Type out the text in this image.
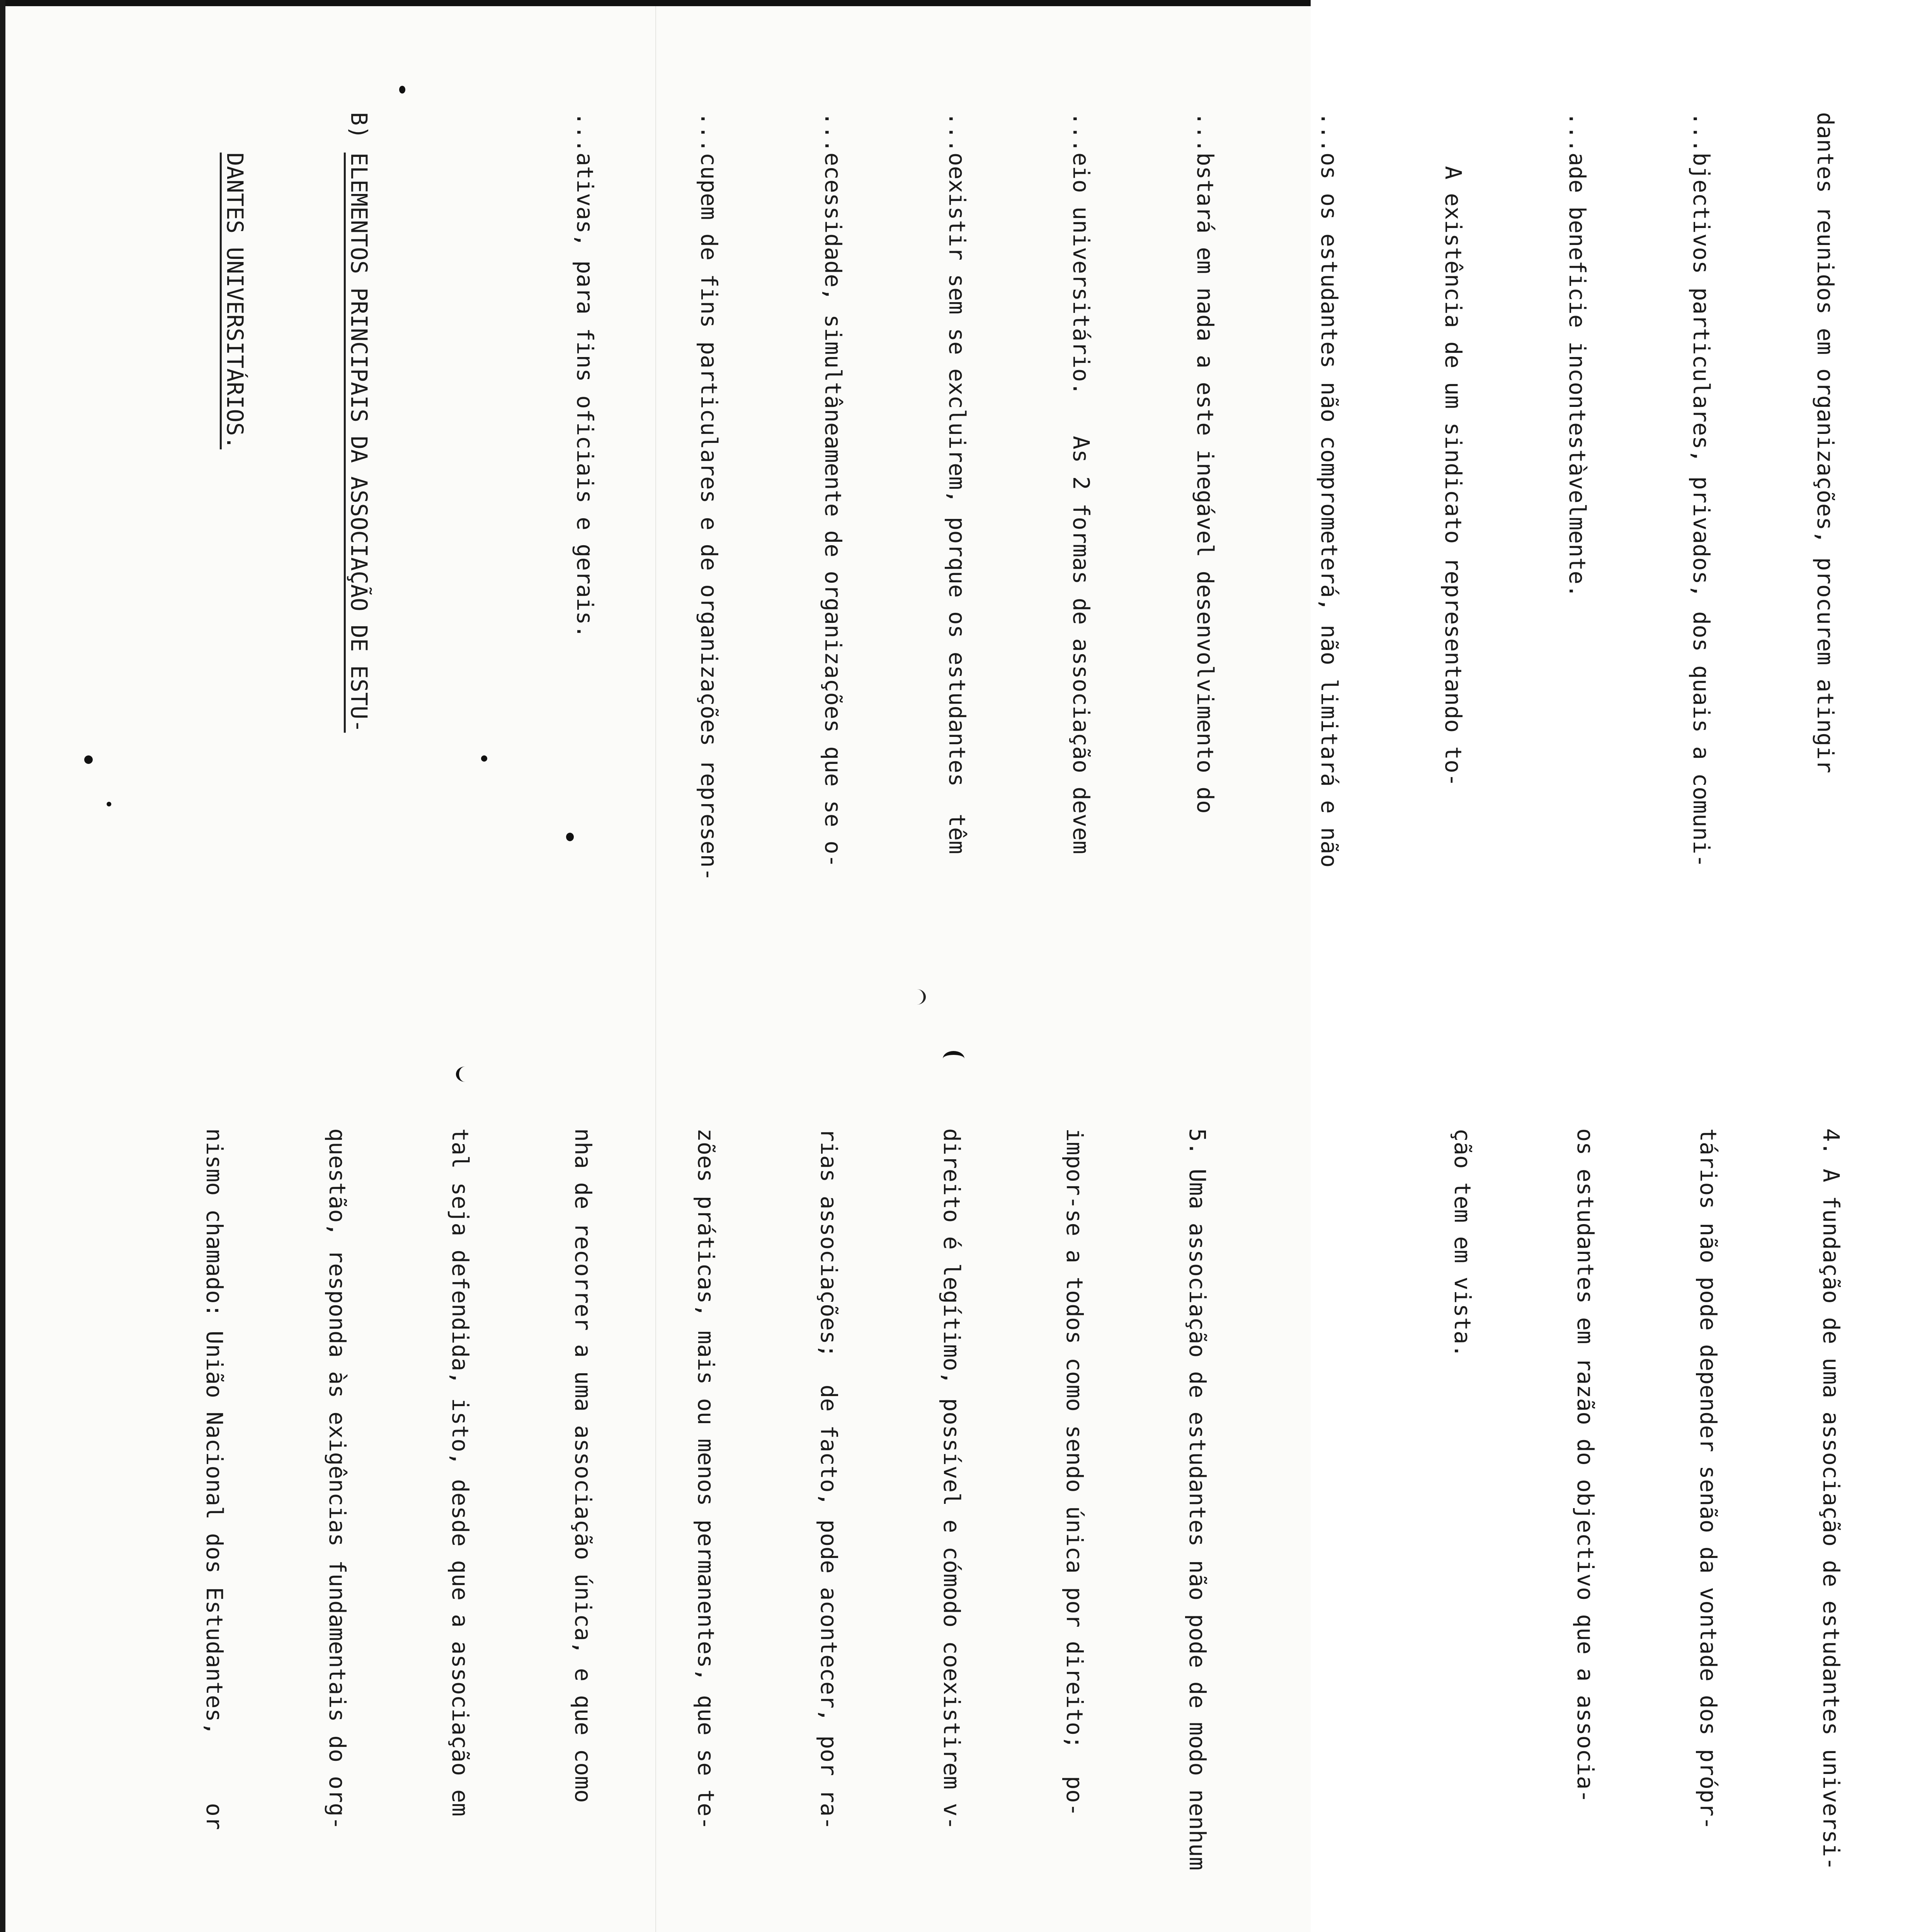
dantes reunidos em organizações, procurem atingir

...bjectivos particulares, privados, dos quais a comuni-

...ade beneficie incontestàvelmente.

A existência de um sindicato representando to-

...os os estudantes não comprometerá, não limitará e não

...bstará em nada a este inegável desenvolvimento do

...eio universitário.   As 2 formas de associação devem

...oexistir sem se excluirem, porque os estudantes  têm

...ecessidade, simultâneamente de organizações que se o-

...cupem de fins particulares e de organizações represen-

...ativas, para fins oficiais e gerais.

B) ELEMENTOS PRINCIPAIS DA ASSOCIAÇÃO DE ESTU-

DANTES UNIVERSITÁRIOS.

4. A fundação de uma associação de estudantes universi-

tários não pode depender senão da vontade dos própr-

os estudantes em razão do objectivo que a associa-

ção tem em vista.

5. Uma associação de estudantes não pode de modo nenhum

impor-se a todos como sendo única por direito;  po-

direito é legítimo, possível e cómodo coexistirem v-

rias associações;  de facto, pode acontecer, por ra-

zões práticas, mais ou menos permanentes, que se te-

nha de recorrer a uma associação única, e que como

tal seja defendida, isto, desde que a associação em

questão, responda às exigências fundamentais do org-

nismo chamado: União Nacional dos Estudantes,     or
